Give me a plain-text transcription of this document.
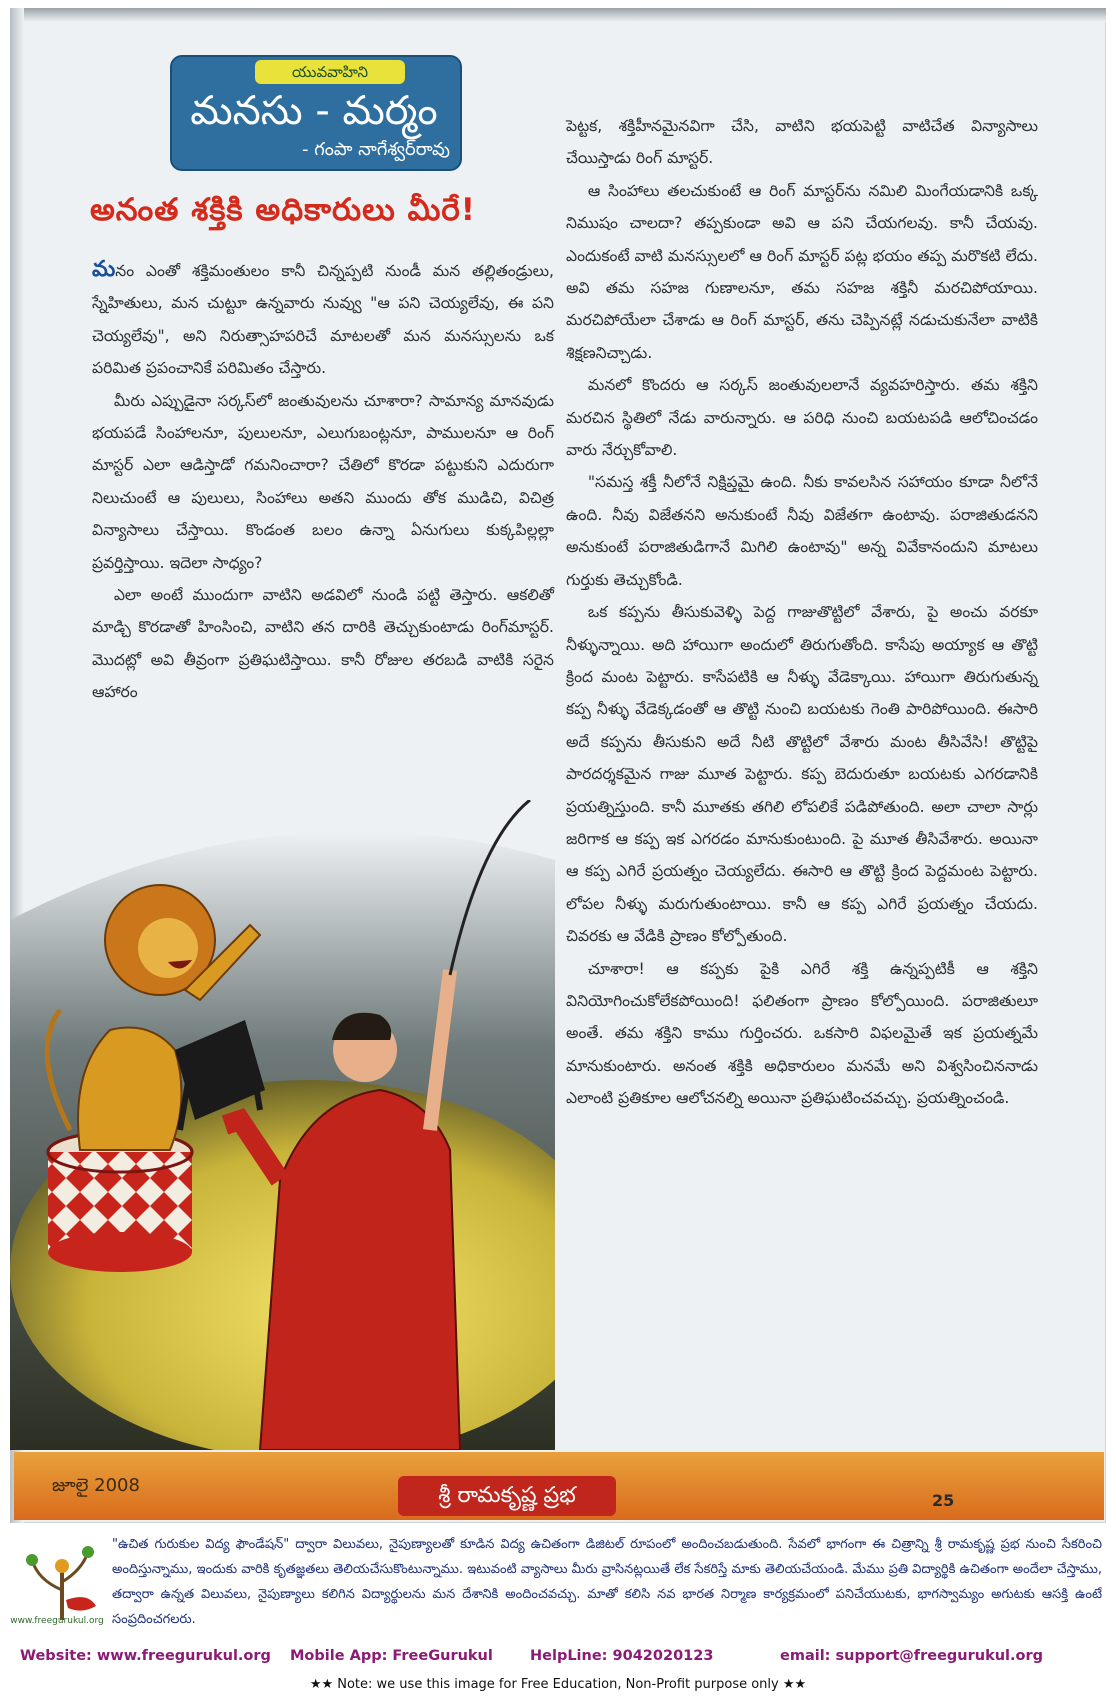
యువవాహిని
మనసు - మర్మం
- గంపా నాగేశ్వర్‌రావు
అనంత శక్తికి అధికారులు మీరే!

మనం ఎంతో శక్తిమంతులం కానీ చిన్నప్పటి నుండీ మన తల్లితండ్రులు, స్నేహితులు, మన చుట్టూ ఉన్నవారు నువ్వు "ఆ పని చెయ్యలేవు, ఈ పని చెయ్యలేవు", అని నిరుత్సాహపరిచే మాటలతో మన మనస్సులను ఒక పరిమిత ప్రపంచానికే పరిమితం చేస్తారు.

మీరు ఎప్పుడైనా సర్కస్‌లో జంతువులను చూశారా? సామాన్య మానవుడు భయపడే సింహాలనూ, పులులనూ, ఎలుగుబంట్లనూ, పాములనూ ఆ రింగ్ మాస్టర్ ఎలా ఆడిస్తాడో గమనించారా? చేతిలో కొరడా పట్టుకుని ఎదురుగా నిలుచుంటే ఆ పులులు, సింహాలు అతని ముందు తోక ముడిచి, విచిత్ర విన్యాసాలు చేస్తాయి. కొండంత బలం ఉన్నా ఏనుగులు కుక్కపిల్లల్లా ప్రవర్తిస్తాయి. ఇదెలా సాధ్యం?

ఎలా అంటే ముందుగా వాటిని అడవిలో నుండి పట్టి తెస్తారు. ఆకలితో మాడ్చి కొరడాతో హింసించి, వాటిని తన దారికి తెచ్చుకుంటాడు రింగ్‌మాస్టర్. మొదట్లో అవి తీవ్రంగా ప్రతిఘటిస్తాయి. కానీ రోజుల తరబడి వాటికి సరైన ఆహారం

పెట్టక, శక్తిహీనమైనవిగా చేసి, వాటిని భయపెట్టి వాటిచేత విన్యాసాలు చేయిస్తాడు రింగ్ మాస్టర్.

ఆ సింహాలు తలచుకుంటే ఆ రింగ్ మాస్టర్‌ను నమిలి మింగేయడానికి ఒక్క నిముషం చాలదా? తప్పకుండా అవి ఆ పని చేయగలవు. కానీ చేయవు. ఎందుకంటే వాటి మనస్సులలో ఆ రింగ్ మాస్టర్ పట్ల భయం తప్ప మరొకటి లేదు. అవి తమ సహజ గుణాలనూ, తమ సహజ శక్తినీ మరచిపోయాయి. మరచిపోయేలా చేశాడు ఆ రింగ్ మాస్టర్, తను చెప్పినట్లే నడుచుకునేలా వాటికి శిక్షణనిచ్చాడు.

మనలో కొందరు ఆ సర్కస్ జంతువులలానే వ్యవహరిస్తారు. తమ శక్తిని మరచిన స్థితిలో నేడు వారున్నారు. ఆ పరిధి నుంచి బయటపడి ఆలోచించడం వారు నేర్చుకోవాలి.

"సమస్త శక్తీ నీలోనే నిక్షిప్తమై ఉంది. నీకు కావలసిన సహాయం కూడా నీలోనే ఉంది. నీవు విజేతనని అనుకుంటే నీవు విజేతగా ఉంటావు. పరాజితుడనని అనుకుంటే పరాజితుడిగానే మిగిలి ఉంటావు" అన్న వివేకానందుని మాటలు గుర్తుకు తెచ్చుకోండి.

ఒక కప్పను తీసుకువెళ్ళి పెద్ద గాజుతొట్టిలో వేశారు, పై అంచు వరకూ నీళ్ళున్నాయి. అది హాయిగా అందులో తిరుగుతోంది. కాసేపు అయ్యాక ఆ తొట్టి క్రింద మంట పెట్టారు. కాసేపటికి ఆ నీళ్ళు వేడెక్కాయి. హాయిగా తిరుగుతున్న కప్ప నీళ్ళు వేడెక్కడంతో ఆ తొట్టి నుంచి బయటకు గెంతి పారిపోయింది. ఈసారి అదే కప్పను తీసుకుని అదే నీటి తొట్టిలో వేశారు మంట తీసివేసి! తొట్టిపై పారదర్శకమైన గాజు మూత పెట్టారు. కప్ప బెదురుతూ బయటకు ఎగరడానికి ప్రయత్నిస్తుంది. కానీ మూతకు తగిలి లోపలికే పడిపోతుంది. అలా చాలా సార్లు జరిగాక ఆ కప్ప ఇక ఎగరడం మానుకుంటుంది. పై మూత తీసివేశారు. అయినా ఆ కప్ప ఎగిరే ప్రయత్నం చెయ్యలేదు. ఈసారి ఆ తొట్టి క్రింద పెద్దమంట పెట్టారు. లోపల నీళ్ళు మరుగుతుంటాయి. కానీ ఆ కప్ప ఎగిరే ప్రయత్నం చేయదు. చివరకు ఆ వేడికి ప్రాణం కోల్పోతుంది.

చూశారా! ఆ కప్పకు పైకి ఎగిరే శక్తి ఉన్నప్పటికీ ఆ శక్తిని వినియోగించుకోలేకపోయింది! ఫలితంగా ప్రాణం కోల్పోయింది. పరాజితులూ అంతే. తమ శక్తిని కాము గుర్తించరు. ఒకసారి విఫలమైతే ఇక ప్రయత్నమే మానుకుంటారు. అనంత శక్తికి అధికారులం మనమే అని విశ్వసించిననాడు ఎలాంటి ప్రతికూల ఆలోచనల్ని అయినా ప్రతిఘటించవచ్చు. ప్రయత్నించండి.

జూలై 2008	శ్రీ రామకృష్ణ ప్రభ	25
www.freegurukul.org
"ఉచిత గురుకుల విద్య ఫౌండేషన్" ద్వారా విలువలు, నైపుణ్యాలతో కూడిన విద్య ఉచితంగా డిజిటల్ రూపంలో అందించబడుతుంది. సేవలో భాగంగా ఈ చిత్రాన్ని శ్రీ రామకృష్ణ ప్రభ నుంచి సేకరించి అందిస్తున్నాము, ఇందుకు వారికి కృతజ్ఞతలు తెలియచేసుకొంటున్నాము. ఇటువంటి వ్యాసాలు మీరు వ్రాసినట్లయితే లేక సేకరిస్తే మాకు తెలియచేయండి. మేము ప్రతి విద్యార్థికి ఉచితంగా అందేలా చేస్తాము, తద్వారా ఉన్నత విలువలు, నైపుణ్యాలు కలిగిన విద్యార్థులను మన దేశానికి అందించవచ్చు. మాతో కలిసి నవ భారత నిర్మాణ కార్యక్రమంలో పనిచేయుటకు, భాగస్వామ్యం అగుటకు ఆసక్తి ఉంటే సంప్రదించగలరు.
Website: www.freegurukul.org Mobile App: FreeGurukul	HelpLine: 9042020123	email: support@freegurukul.org
★★ Note: we use this image for Free Education, Non-Profit purpose only ★★
